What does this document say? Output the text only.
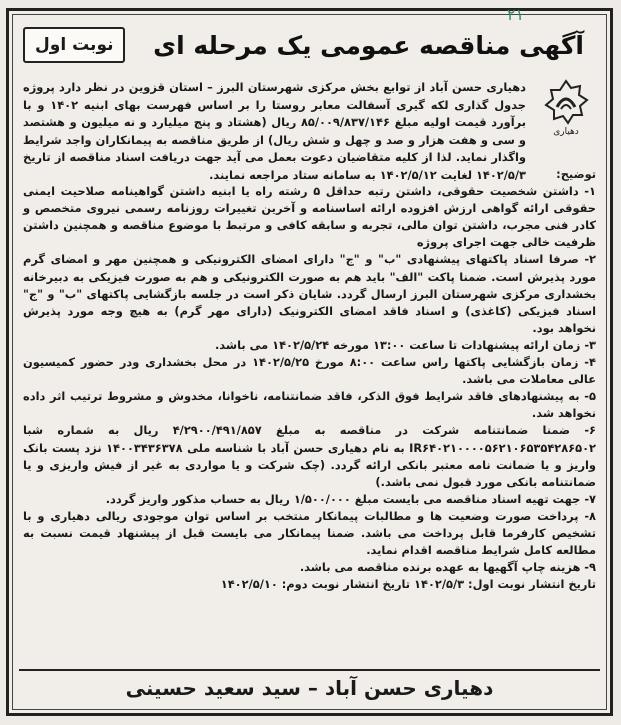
۲۱
آگهی مناقصه عمومی یک مرحله ای
نوبت اول
دهیاری
دهیاری حسن آباد از توابع بخش مرکزی شهرستان البرز – استان قزوین در نظر دارد پروژه جدول گذاری لکه گیری آسفالت معابر روستا را بر اساس فهرست بهای ابنیه ۱۴۰۲ و با برآورد قیمت اولیه مبلغ ۸۵/۰۰۹/۸۳۷/۱۴۶ ریال (هشتاد و پنج میلیارد و نه میلیون و هشتصد و سی و هفت هزار و صد و چهل و شش ریال) از طریق مناقصه به پیمانکاران واجد شرایط واگذار نماید. لذا از کلیه متقاضیان دعوت بعمل می آید جهت دریافت اسناد مناقصه از تاریخ ۱۴۰۲/۵/۳ لغایت ۱۴۰۲/۵/۱۲ به سامانه ستاد مراجعه نمایند.	توضیح:

۱- داشتن شخصیت حقوقی، داشتن رتبه حداقل ۵ رشته راه یا ابنیه داشتن گواهینامه صلاحیت ایمنی حقوقی ارائه گواهی ارزش افزوده ارائه اساسنامه و آخرین تغییرات روزنامه رسمی نیروی متخصص و کادر فنی مجرب، داشتن توان مالی، تجربه و سابقه کافی و مرتبط با موضوع مناقصه و همچنین داشتن ظرفیت خالی جهت اجرای پروژه

۲- صرفا اسناد پاکتهای پیشنهادی "ب" و "ج" دارای امضای الکترونیکی و همچنین مهر و امضای گرم مورد پذیرش است. ضمنا پاکت "الف" باید هم به صورت الکترونیکی و هم به صورت فیزیکی به دبیرخانه بخشداری مرکزی شهرستان البرز ارسال گردد. شایان ذکر است در جلسه بازگشایی پاکتهای "ب" و "ج" اسناد فیزیکی (کاغذی) و اسناد فاقد امضای الکترونیک (دارای مهر گرم) به هیچ وجه مورد پذیرش نخواهد بود.

۳- زمان ارائه پیشنهادات تا ساعت ۱۳:۰۰ مورخه ۱۴۰۲/۵/۲۴ می باشد.

۴- زمان بازگشایی پاکتها راس ساعت ۸:۰۰ مورخ ۱۴۰۲/۵/۲۵ در محل بخشداری ودر حضور کمیسیون عالی معاملات می باشد.

۵- به پیشنهادهای فاقد شرایط فوق الذکر، فاقد ضمانتنامه، ناخوانا، مخدوش و مشروط ترتیب اثر داده نخواهد شد.

۶- ضمنا ضمانتنامه شرکت در مناقصه به مبلغ ۴/۲۹۰۰/۴۹۱/۸۵۷ ریال به شماره شبا IR۶۴۰۲۱۰۰۰۰۵۶۲۱۰۶۵۳۵۴۲۸۶۵۰۲ به نام دهیاری حسن آباد با شناسه ملی ۱۴۰۰۳۴۳۶۳۷۸ نزد پست بانک واریز و یا ضمانت نامه معتبر بانکی ارائه گردد. (چک شرکت و یا مواردی به غیر از فیش واریزی و یا ضمانتنامه بانکی مورد قبول نمی باشد.)

۷- جهت تهیه اسناد مناقصه می بایست مبلغ ۱/۵۰۰/۰۰۰ ریال به حساب مذکور واریز گردد.

۸- پرداخت صورت وضعیت ها و مطالبات پیمانکار منتخب بر اساس توان موجودی ریالی دهیاری و با تشخیص کارفرما قابل پرداخت می باشد. ضمنا پیمانکار می بایست قبل از پیشنهاد قیمت نسبت به مطالعه کامل شرایط مناقصه اقدام نماید.

۹- هزینه چاپ آگهیها به عهده برنده مناقصه می باشد.

تاریخ انتشار نوبت اول: ۱۴۰۲/۵/۳ تاریخ انتشار نوبت دوم: ۱۴۰۲/۵/۱۰

دهیاری حسن آباد – سید سعید حسینی
